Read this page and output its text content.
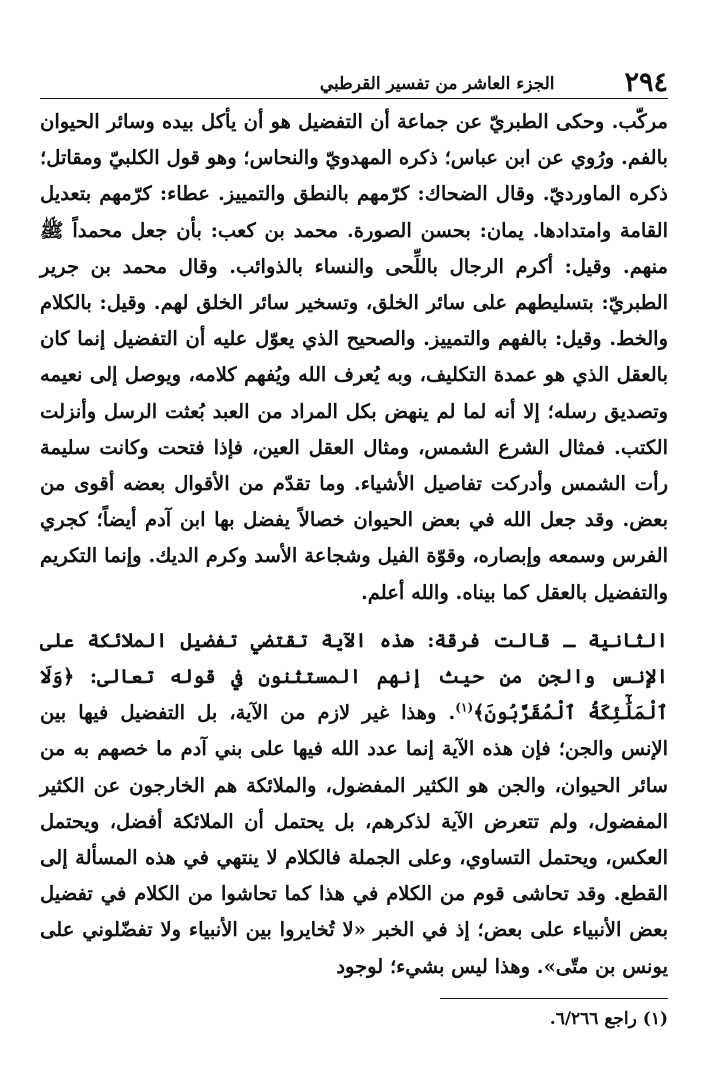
٢٩٤
الجزء العاشر من تفسير القرطبي

مركّب. وحكى الطبريّ عن جماعة أن التفضيل هو أن يأكل بيده وسائر الحيوان بالفم. ورُوي عن ابن عباس؛ ذكره المهدويّ والنحاس؛ وهو قول الكلبيّ ومقاتل؛ ذكره الماورديّ. وقال الضحاك: كرّمهم بالنطق والتمييز. عطاء: كرّمهم بتعديل القامة وامتدادها. يمان: بحسن الصورة. محمد بن كعب: بأن جعل محمداً ﷺ منهم. وقيل: أكرم الرجال باللِّحى والنساء بالذوائب. وقال محمد بن جرير الطبريّ: بتسليطهم على سائر الخلق، وتسخير سائر الخلق لهم. وقيل: بالكلام والخط. وقيل: بالفهم والتمييز. والصحيح الذي يعوّل عليه أن التفضيل إنما كان بالعقل الذي هو عمدة التكليف، وبه يُعرف الله ويُفهم كلامه، ويوصل إلى نعيمه وتصديق رسله؛ إلا أنه لما لم ينهض بكل المراد من العبد بُعثت الرسل وأنزلت الكتب. فمثال الشرع الشمس، ومثال العقل العين، فإذا فتحت وكانت سليمة رأت الشمس وأدركت تفاصيل الأشياء. وما تقدّم من الأقوال بعضه أقوى من بعض. وقد جعل الله في بعض الحيوان خصالاً يفضل بها ابن آدم أيضاً؛ كجري الفرس وسمعه وإبصاره، وقوّة الفيل وشجاعة الأسد وكرم الديك. وإنما التكريم والتفضيل بالعقل كما بيناه. والله أعلم.

الثانية ـ قالت فرقة: هذه الآية تقتضي تفضيل الملائكة على الإنس والجن من حيث إنهم المستثنون في قوله تعالى: ﴿وَلَا ٱلْمَلَٰٓئِكَةُ ٱلْمُقَرَّبُونَ﴾$^{(١)}$. وهذا غير لازم من الآية، بل التفضيل فيها بين الإنس والجن؛ فإن هذه الآية إنما عدد الله فيها على بني آدم ما خصهم به من سائر الحيوان، والجن هو الكثير المفضول، والملائكة هم الخارجون عن الكثير المفضول، ولم تتعرض الآية لذكرهم، بل يحتمل أن الملائكة أفضل، ويحتمل العكس، ويحتمل التساوي، وعلى الجملة فالكلام لا ينتهي في هذه المسألة إلى القطع. وقد تحاشى قوم من الكلام في هذا كما تحاشوا من الكلام في تفضيل بعض الأنبياء على بعض؛ إذ في الخبر «لا تُخايروا بين الأنبياء ولا تفضّلوني على يونس بن متّى». وهذا ليس بشيء؛ لوجود

(١) راجع ٦/٢٦٦.
